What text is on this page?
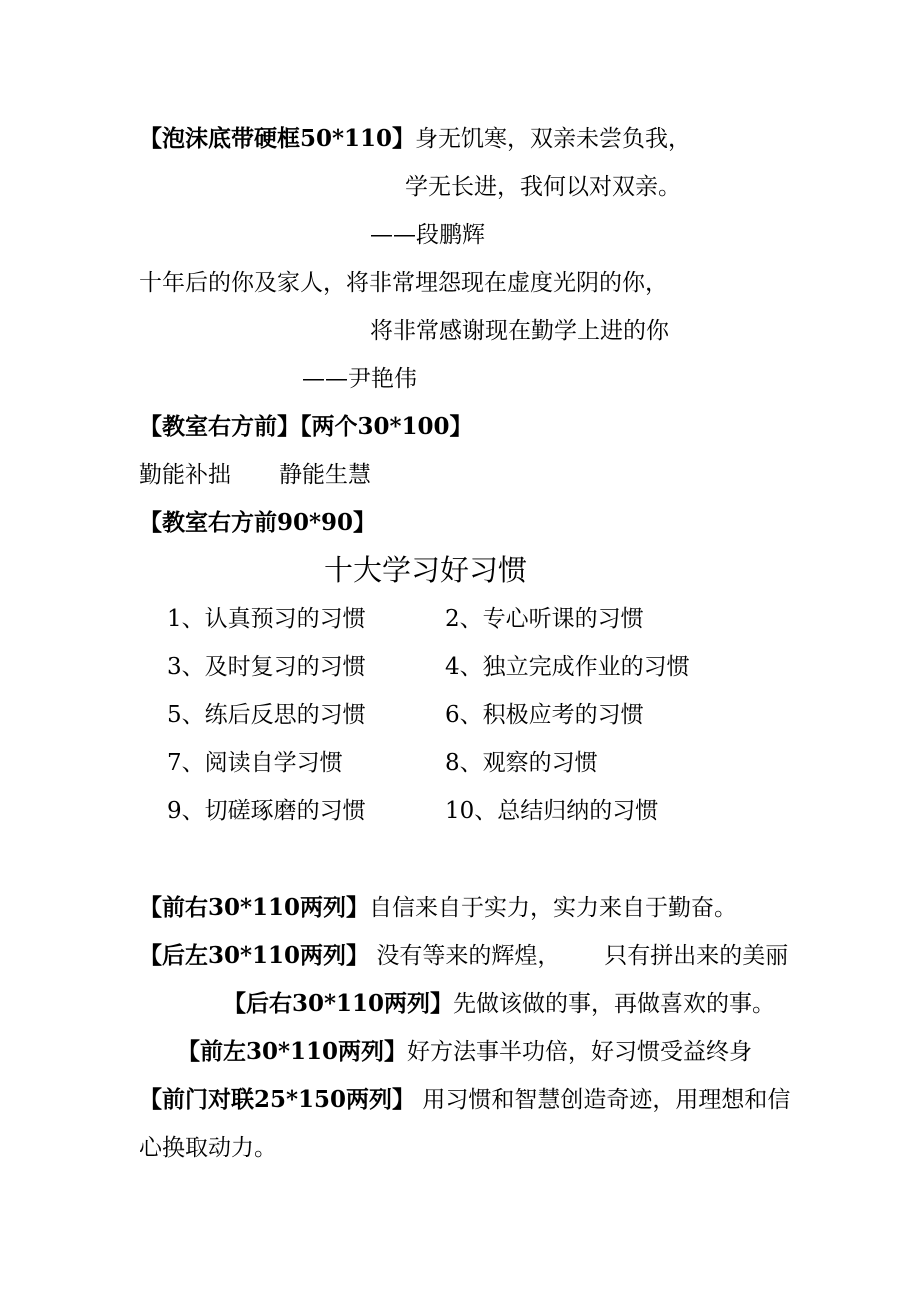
【泡沫底带硬框50*110】身无饥寒，双亲未尝负我，
学无长进，我何以对双亲。
——段鹏辉
十年后的你及家人，将非常埋怨现在虚度光阴的你，
将非常感谢现在勤学上进的你
——尹艳伟
【教室右方前】【两个30*100】
勤能补拙 静能生慧
【教室右方前90*90】
十大学习好习惯
1、认真预习的习惯	2、专心听课的习惯
3、及时复习的习惯	4、独立完成作业的习惯
5、练后反思的习惯	6、积极应考的习惯
7、阅读自学习惯	8、观察的习惯
9、切磋琢磨的习惯	10、总结归纳的习惯
【前右30*110两列】自信来自于实力，实力来自于勤奋。
【后左30*110两列】 没有等来的辉煌，      只有拼出来的美丽
【后右30*110两列】先做该做的事，再做喜欢的事。
【前左30*110两列】好方法事半功倍，好习惯受益终身
【前门对联25*150两列】 用习惯和智慧创造奇迹，用理想和信
心换取动力。
